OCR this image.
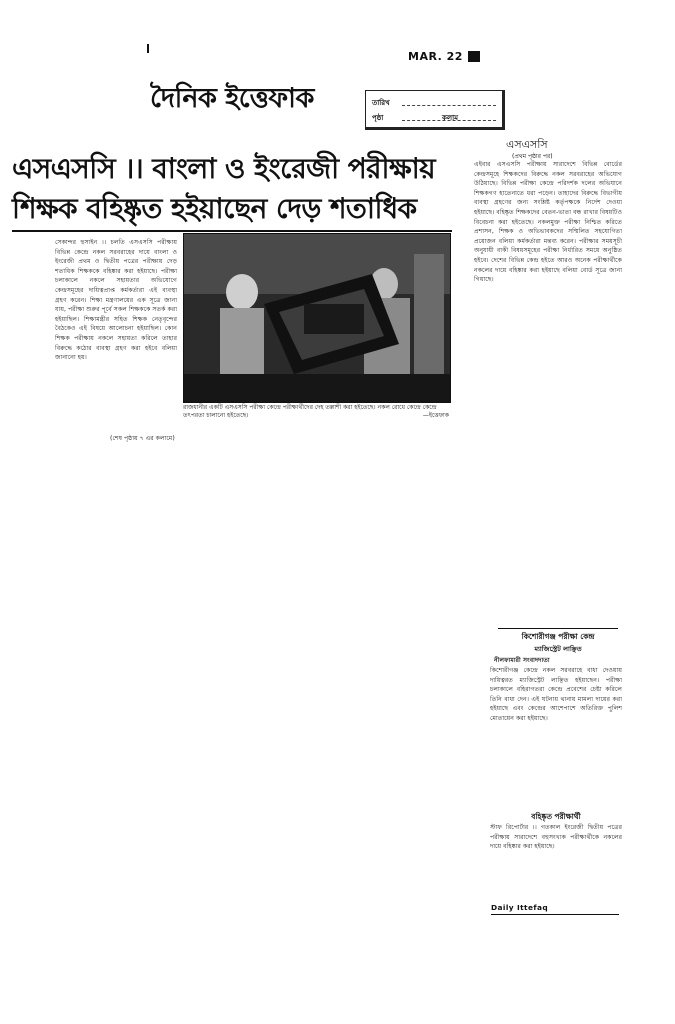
MAR. 22
দৈনিক ইত্তেফাক	তারিখ
পৃষ্ঠা	কলাম
এসএসসি ।। বাংলা ও ইংরেজী পরীক্ষায়
শিক্ষক বহিষ্কৃত হইয়াছেন দেড় শতাধিক
সেকান্দর হুসাইন ।। চলতি এসএসসি পরীক্ষায় বিভিন্ন কেন্দ্রে নকল সরবরাহের দায়ে বাংলা ও ইংরেজী প্রথম ও দ্বিতীয় পত্রের পরীক্ষায় দেড় শতাধিক শিক্ষককে বহিষ্কার করা হইয়াছে। পরীক্ষা চলাকালে নকলে সহায়তার অভিযোগে কেন্দ্রসমূহের দায়িত্বপ্রাপ্ত কর্মকর্তারা এই ব্যবস্থা গ্রহণ করেন। শিক্ষা মন্ত্রণালয়ের এক সূত্রে জানা যায়, পরীক্ষা শুরুর পূর্বে সকল শিক্ষককে সতর্ক করা হইয়াছিল। শিক্ষামন্ত্রীর সহিত শিক্ষক নেতৃবৃন্দের বৈঠকেও এই বিষয়ে আলোচনা হইয়াছিল। কোন শিক্ষক পরীক্ষায় নকলে সহায়তা করিলে তাহার বিরুদ্ধে কঠোর ব্যবস্থা গ্রহণ করা হইবে বলিয়া জানানো হয়।
(শেষ পৃষ্ঠায় ৭ এর কলামে)
রাজধানীর একটি এসএসসি পরীক্ষা কেন্দ্রে পরীক্ষার্থীদের দেহ তল্লাশী করা হইতেছে। নকল রোধে কেন্দ্রে কেন্দ্রে তৎপরতা চালানো হইতেছে।	—ইত্তেফাক
এসএসসি
(প্রথম পৃষ্ঠার পর)
এইবার এসএসসি পরীক্ষায় সারাদেশে বিভিন্ন বোর্ডের কেন্দ্রসমূহে শিক্ষকদের বিরুদ্ধে নকল সরবরাহের অভিযোগ উঠিয়াছে। বিভিন্ন পরীক্ষা কেন্দ্রে পরিদর্শক দলের অভিযানে শিক্ষকগণ হাতেনাতে ধরা পড়েন। তাহাদের বিরুদ্ধে বিভাগীয় ব্যবস্থা গ্রহণের জন্য সংশ্লিষ্ট কর্তৃপক্ষকে নির্দেশ দেওয়া হইয়াছে। বহিষ্কৃত শিক্ষকদের বেতন-ভাতা বন্ধ রাখার বিষয়টিও বিবেচনা করা হইতেছে। নকলমুক্ত পরীক্ষা নিশ্চিত করিতে প্রশাসন, শিক্ষক ও অভিভাবকদের সম্মিলিত সহযোগিতা প্রয়োজন বলিয়া কর্মকর্তারা মন্তব্য করেন। পরীক্ষার সময়সূচী অনুযায়ী বাকী বিষয়সমূহের পরীক্ষা নির্ধারিত সময়ে অনুষ্ঠিত হইবে। দেশের বিভিন্ন কেন্দ্র হইতে আরও অনেক পরীক্ষার্থীকে নকলের দায়ে বহিষ্কার করা হইয়াছে বলিয়া বোর্ড সূত্রে জানা গিয়াছে।
কিশোরীগঞ্জ পরীক্ষা কেন্দ্র
ম্যাজিস্ট্রেট লাঞ্ছিত
নীলফামারী সংবাদদাতা
কিশোরীগঞ্জ কেন্দ্রে নকল সরবরাহে বাধা দেওয়ায় দায়িত্বরত ম্যাজিস্ট্রেট লাঞ্ছিত হইয়াছেন। পরীক্ষা চলাকালে বহিরাগতরা কেন্দ্রে প্রবেশের চেষ্টা করিলে তিনি বাধা দেন। এই ঘটনায় থানায় মামলা দায়ের করা হইয়াছে এবং কেন্দ্রের আশেপাশে অতিরিক্ত পুলিশ মোতায়েন করা হইয়াছে।
বহিষ্কৃত পরীক্ষার্থী
স্টাফ রিপোর্টার ।। গতকাল ইংরেজী দ্বিতীয় পত্রের পরীক্ষায় সারাদেশে বহুসংখ্যক পরীক্ষার্থীকে নকলের দায়ে বহিষ্কার করা হইয়াছে।
Daily Ittefaq
